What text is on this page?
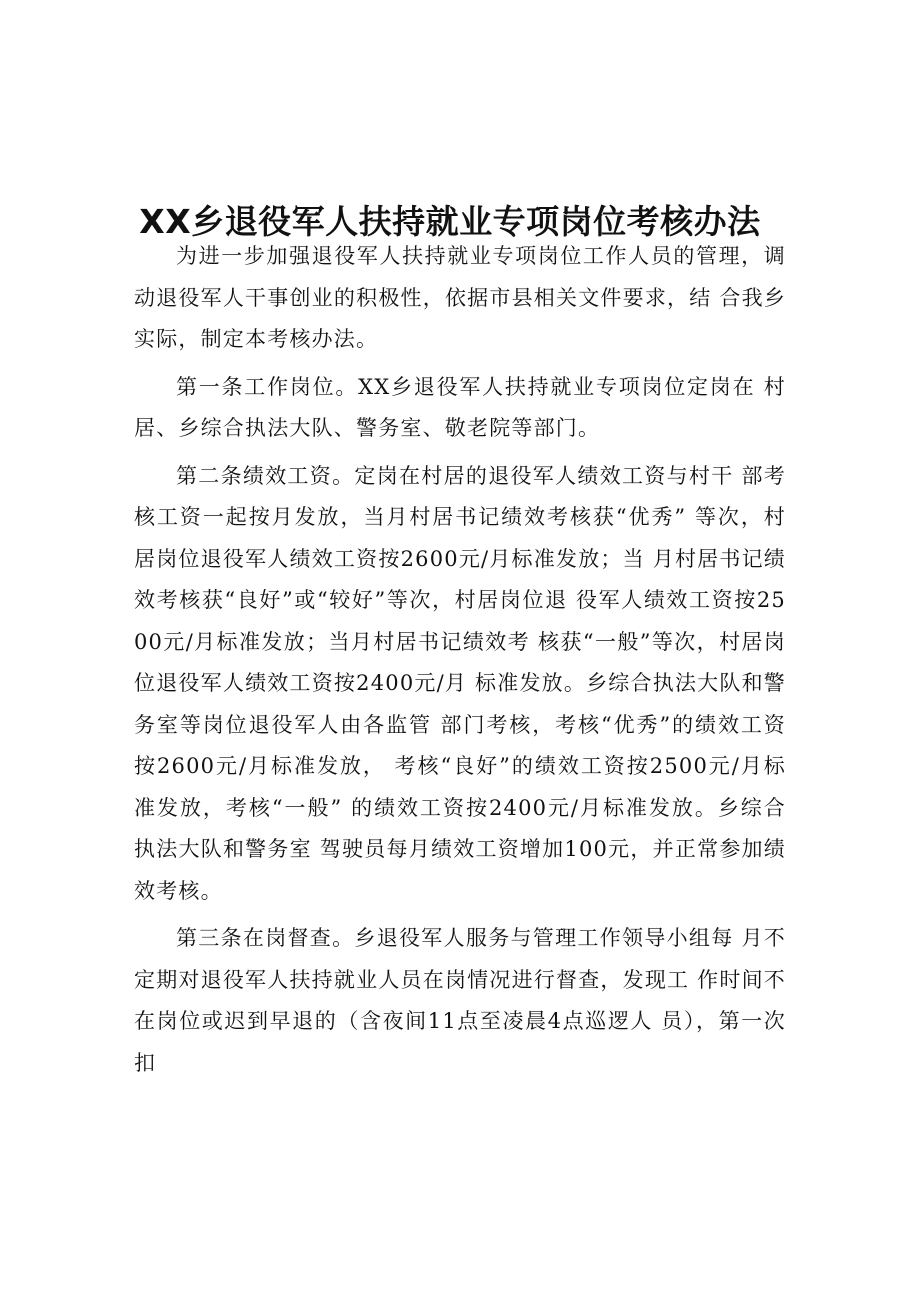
XX乡退役军人扶持就业专项岗位考核办法

为进一步加强退役军人扶持就业专项岗位工作人员的管理，调动退役军人干事创业的积极性，依据市县相关文件要求，结 合我乡实际，制定本考核办法。

第一条工作岗位。XX乡退役军人扶持就业专项岗位定岗在 村居、乡综合执法大队、警务室、敬老院等部门。

第二条绩效工资。定岗在村居的退役军人绩效工资与村干 部考核工资一起按月发放，当月村居书记绩效考核获“优秀” 等次，村居岗位退役军人绩效工资按2600元/月标准发放；当 月村居书记绩效考核获“良好”或“较好”等次，村居岗位退 役军人绩效工资按2500元/月标准发放；当月村居书记绩效考 核获“一般”等次，村居岗位退役军人绩效工资按2400元/月 标准发放。乡综合执法大队和警务室等岗位退役军人由各监管 部门考核，考核“优秀”的绩效工资按2600元/月标准发放， 考核“良好”的绩效工资按2500元/月标准发放，考核“一般” 的绩效工资按2400元/月标准发放。乡综合执法大队和警务室 驾驶员每月绩效工资增加100元，并正常参加绩效考核。

第三条在岗督查。乡退役军人服务与管理工作领导小组每 月不定期对退役军人扶持就业人员在岗情况进行督查，发现工 作时间不在岗位或迟到早退的（含夜间11点至凌晨4点巡逻人 员），第一次扣
